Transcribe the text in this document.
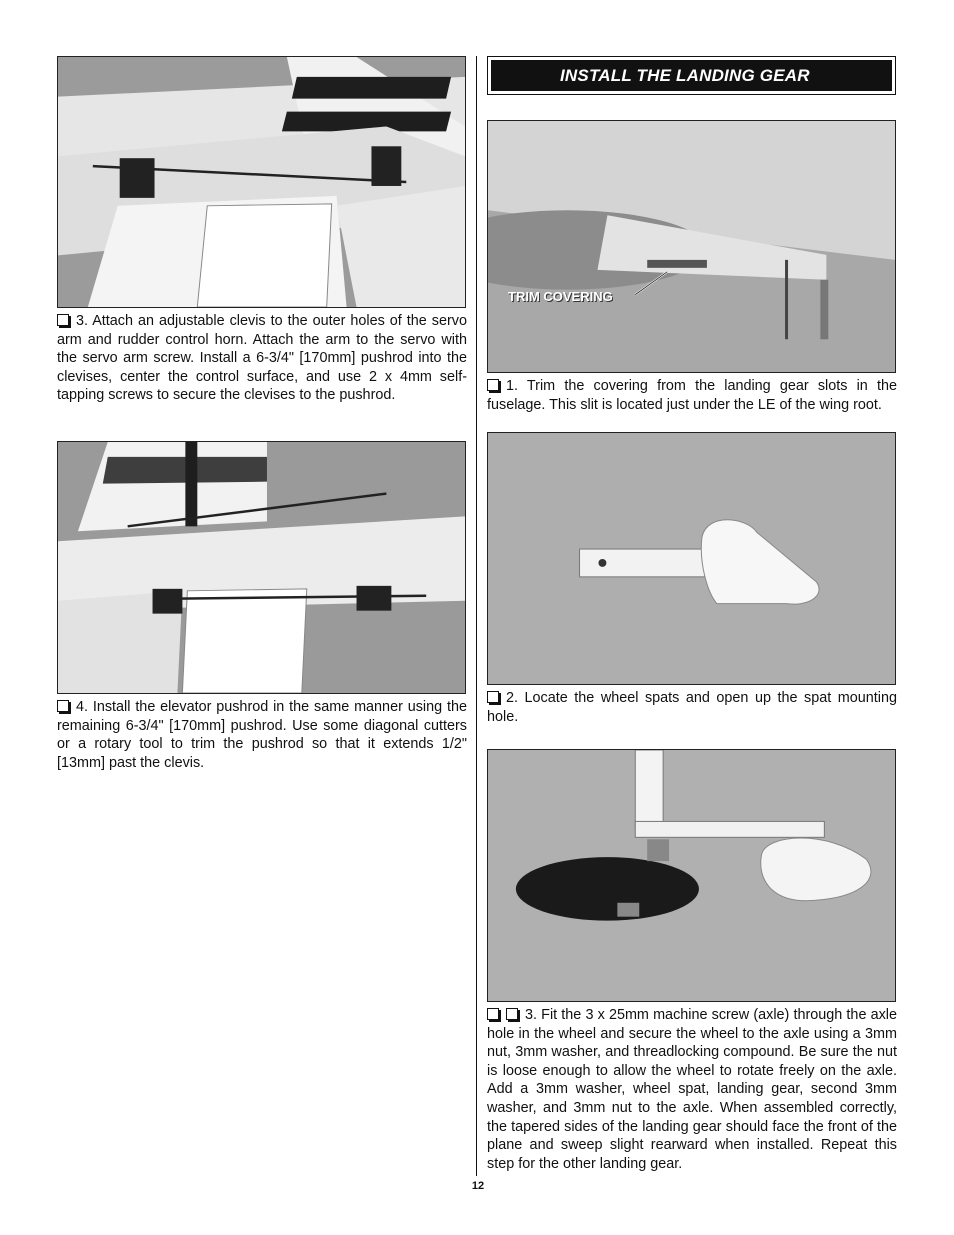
3. Attach an adjustable clevis to the outer holes of the servo arm and rudder control horn. Attach the arm to the servo with the servo arm screw. Install a 6-3/4" [170mm] pushrod into the clevises, center the control surface, and use 2 x 4mm self-tapping screws to secure the clevises to the pushrod.

4. Install the elevator pushrod in the same manner using the remaining 6-3/4" [170mm] pushrod. Use some diagonal cutters or a rotary tool to trim the pushrod so that it extends 1/2" [13mm] past the clevis.

INSTALL THE LANDING GEAR
TRIM COVERING

1. Trim the covering from the landing gear slots in the fuselage. This slit is located just under the LE of the wing root.

2. Locate the wheel spats and open up the spat mounting hole.

3. Fit the 3 x 25mm machine screw (axle) through the axle hole in the wheel and secure the wheel to the axle using a 3mm nut, 3mm washer, and threadlocking compound. Be sure the nut is loose enough to allow the wheel to rotate freely on the axle. Add a 3mm washer, wheel spat, landing gear, second 3mm washer, and 3mm nut to the axle. When assembled correctly, the tapered sides of the landing gear should face the front of the plane and sweep slight rearward when installed. Repeat this step for the other landing gear.

12
